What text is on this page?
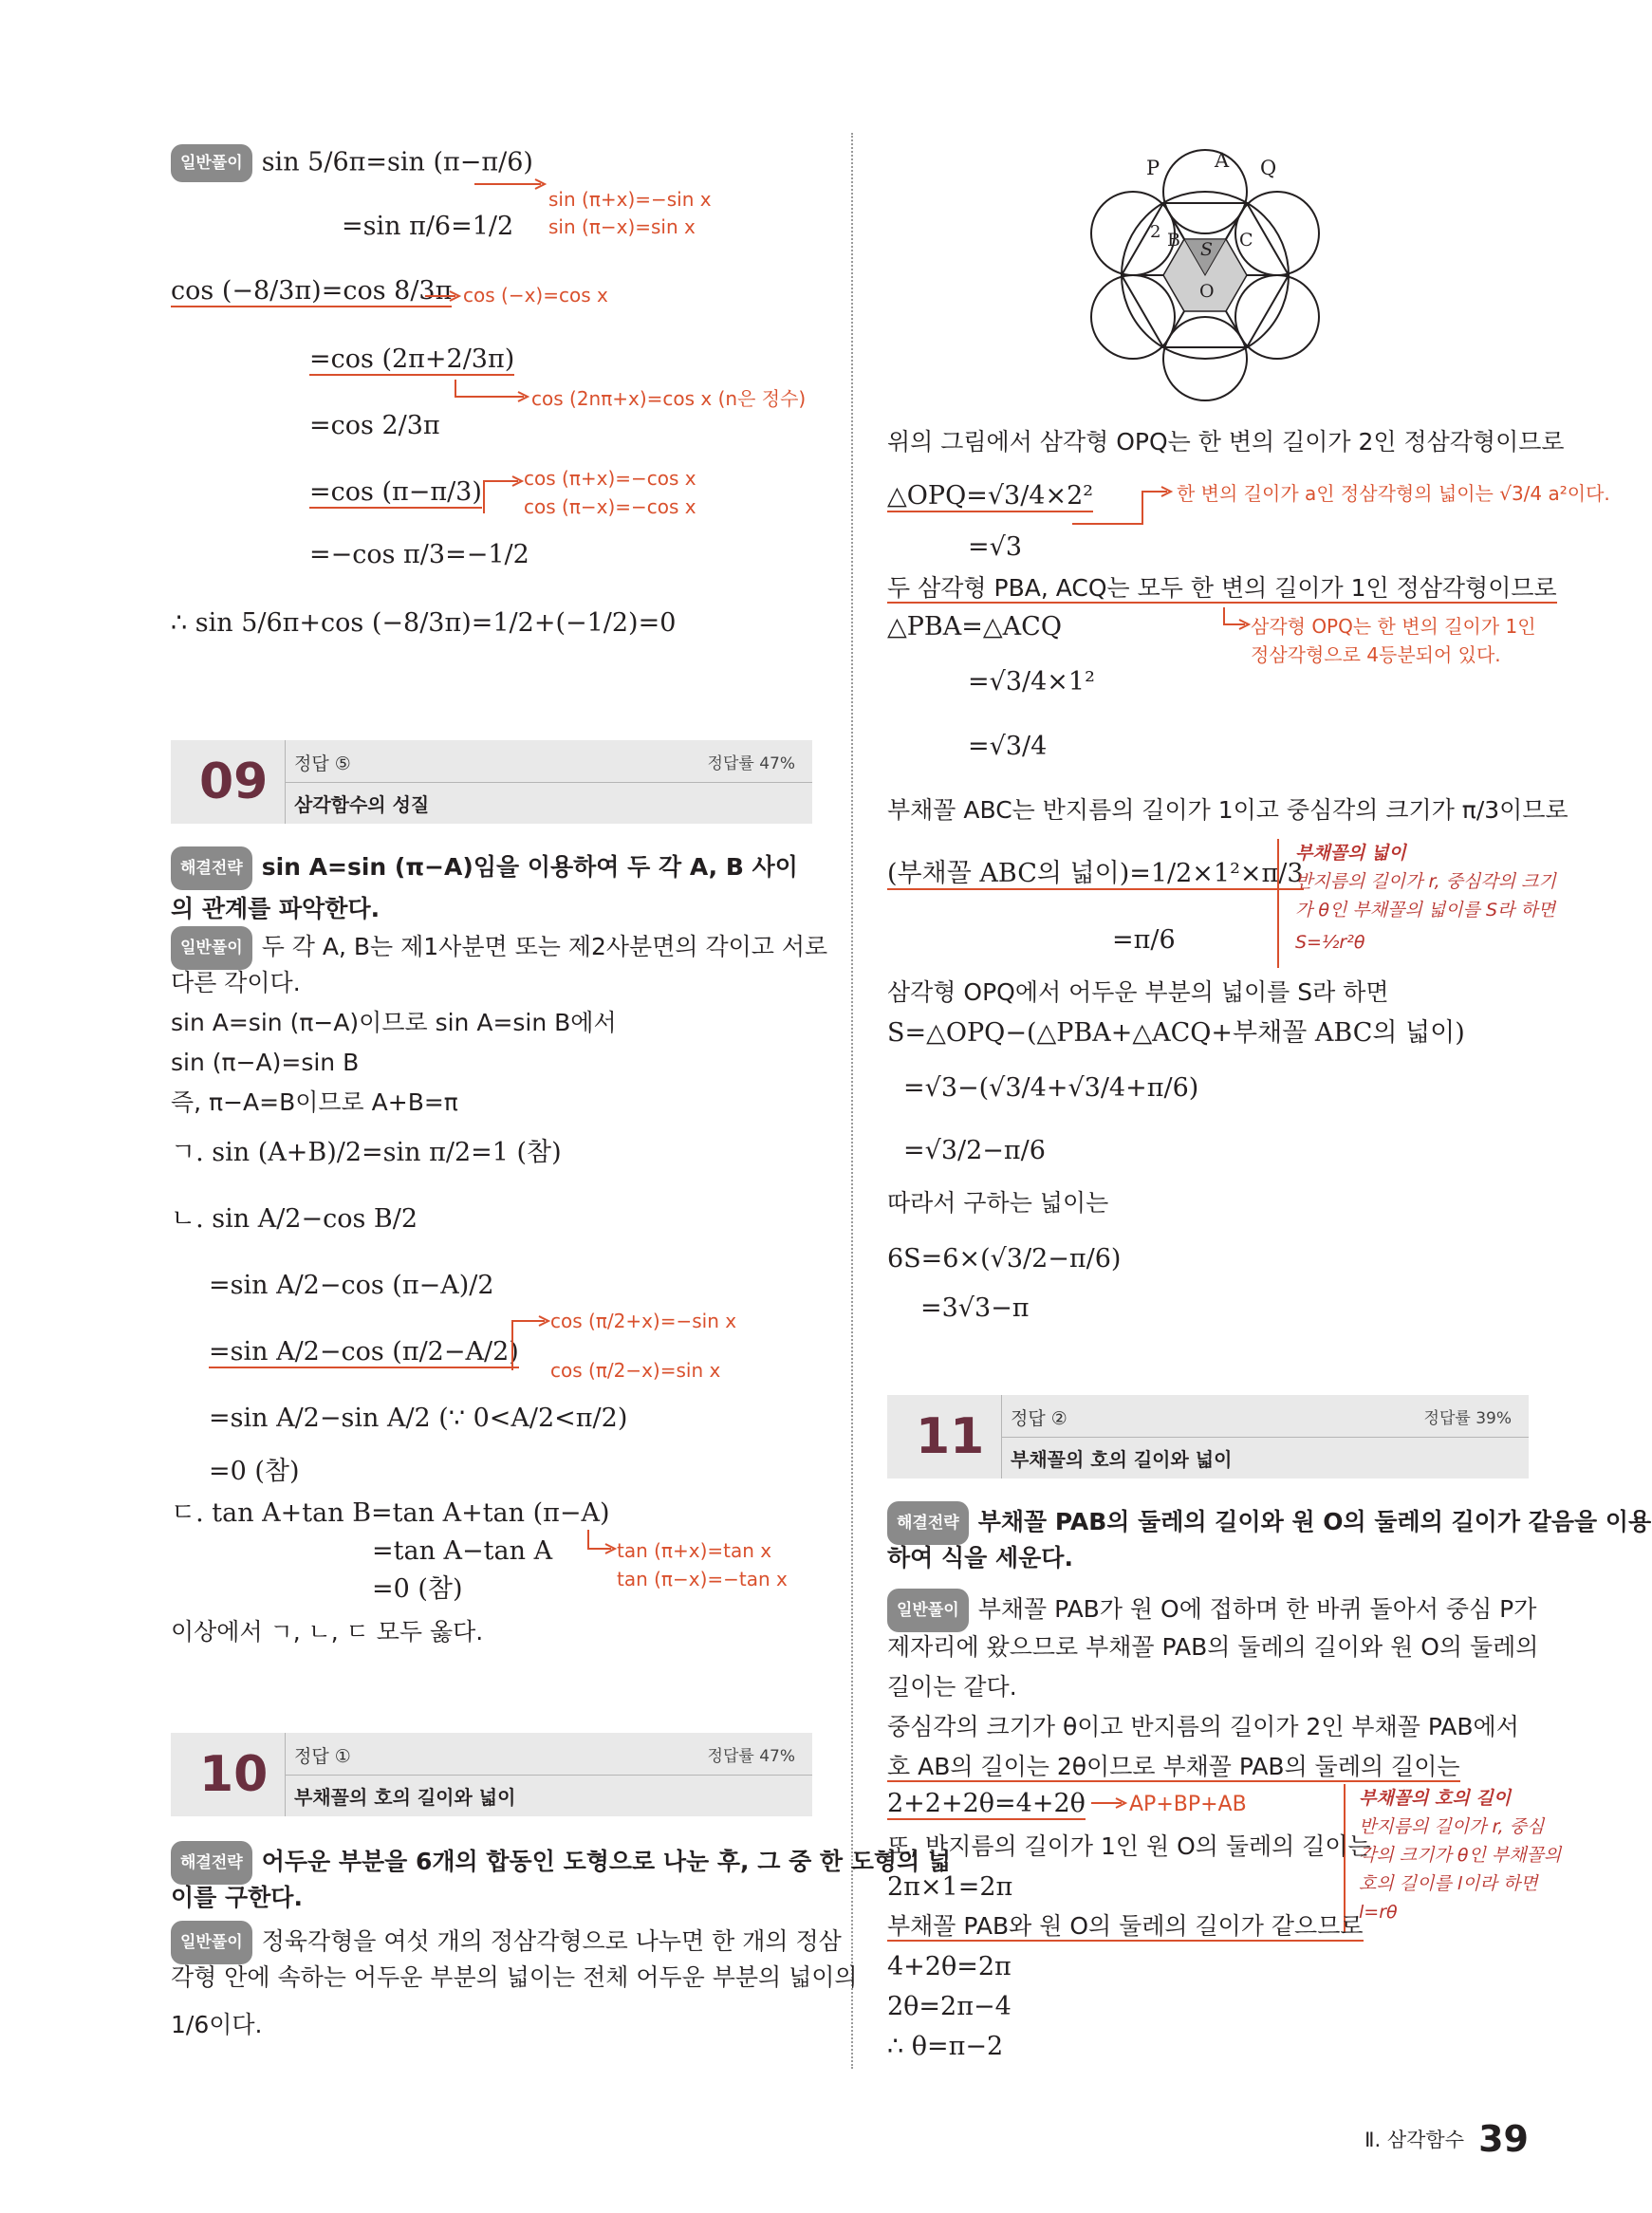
일반풀이 sin 5/6π=sin (π−π/6)
sin (π+x)=−sin x
sin (π−x)=sin x
=sin π/6=1/2
cos (−8/3π)=cos 8/3π cos (−x)=cos x
=cos (2π+2/3π)
cos (2nπ+x)=cos x (n은 정수)
=cos 2/3π
=cos (π−π/3) cos (π+x)=−cos x
cos (π−x)=−cos x
=−cos π/3=−1/2
∴ sin 5/6π+cos (−8/3π)=1/2+(−1/2)=0
09 정답 ⑤	정답률 47%
삼각함수의 성질
해결전략 sin A=sin (π−A)임을 이용하여 두 각 A, B 사이의 관계를 파악한다.
일반풀이 두 각 A, B는 제1사분면 또는 제2사분면의 각이고 서로
다른 각이다.
sin A=sin (π−A)이므로 sin A=sin B에서
sin (π−A)=sin B
즉, π−A=B이므로 A+B=π
ㄱ. sin (A+B)/2=sin π/2=1 (참)
ㄴ. sin A/2−cos B/2
=sin A/2−cos (π−A)/2
=sin A/2−cos (π/2−A/2)
cos (π/2+x)=−sin x
cos (π/2−x)=sin x
=sin A/2−sin A/2 (∵ 0<A/2<π/2)
=0 (참)
ㄷ. tan A+tan B=tan A+tan (π−A)
=tan A−tan A	tan (π+x)=tan x
tan (π−x)=−tan x
=0 (참)
이상에서 ㄱ, ㄴ, ㄷ 모두 옳다.
10 정답 ①	정답률 47%
부채꼴의 호의 길이와 넓이
해결전략 어두운 부분을 6개의 합동인 도형으로 나눈 후, 그 중 한 도형의 넓
이를 구한다.
일반풀이 정육각형을 여섯 개의 정삼각형으로 나누면 한 개의 정삼
각형 안에 속하는 어두운 부분의 넓이는 전체 어두운 부분의 넓이의
1/6이다.
P	A Q
B	C
S
O
2
위의 그림에서 삼각형 OPQ는 한 변의 길이가 2인 정삼각형이므로
△OPQ=√3/4×2²	한 변의 길이가 a인 정삼각형의 넓이는 √3/4 a²이다.
=√3
두 삼각형 PBA, ACQ는 모두 한 변의 길이가 1인 정삼각형이므로
△PBA=△ACQ	삼각형 OPQ는 한 변의 길이가 1인
정삼각형으로 4등분되어 있다.
=√3/4×1²
=√3/4
부채꼴 ABC는 반지름의 길이가 1이고 중심각의 크기가 π/3이므로
(부채꼴 ABC의 넓이)=1/2×1²×π/3
부채꼴의 넓이
반지름의 길이가 r, 중심각의 크기
가 θ인 부채꼴의 넓이를 S라 하면
S=½r²θ
=π/6
삼각형 OPQ에서 어두운 부분의 넓이를 S라 하면
S=△OPQ−(△PBA+△ACQ+부채꼴 ABC의 넓이)
=√3−(√3/4+√3/4+π/6)
=√3/2−π/6
따라서 구하는 넓이는
6S=6×(√3/2−π/6)
=3√3−π
11 정답 ②	정답률 39%
부채꼴의 호의 길이와 넓이
해결전략 부채꼴 PAB의 둘레의 길이와 원 O의 둘레의 길이가 같음을 이용
하여 식을 세운다.
일반풀이 부채꼴 PAB가 원 O에 접하며 한 바퀴 돌아서 중심 P가
제자리에 왔으므로 부채꼴 PAB의 둘레의 길이와 원 O의 둘레의
길이는 같다.
중심각의 크기가 θ이고 반지름의 길이가 2인 부채꼴 PAB에서
호 AB의 길이는 2θ이므로 부채꼴 PAB의 둘레의 길이는
2+2+2θ=4+2θ AP+BP+AB	부채꼴의 호의 길이
반지름의 길이가 r, 중심
각의 크기가 θ인 부채꼴의
호의 길이를 l이라 하면
l=rθ
또, 반지름의 길이가 1인 원 O의 둘레의 길이는
2π×1=2π
부채꼴 PAB와 원 O의 둘레의 길이가 같으므로
4+2θ=2π
2θ=2π−4
∴ θ=π−2
Ⅱ. 삼각함수 39
